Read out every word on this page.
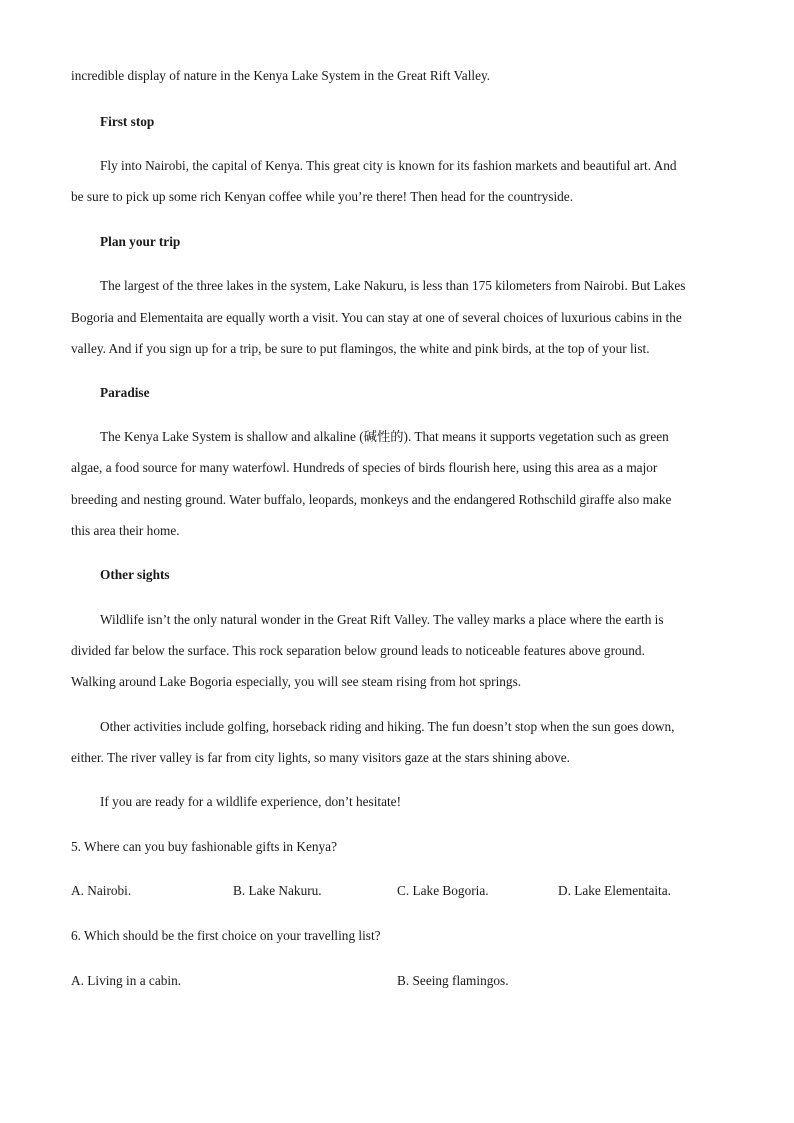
incredible display of nature in the Kenya Lake System in the Great Rift Valley.
First stop
Fly into Nairobi, the capital of Kenya. This great city is known for its fashion markets and beautiful art. And
be sure to pick up some rich Kenyan coffee while you’re there! Then head for the countryside.
Plan your trip
The largest of the three lakes in the system, Lake Nakuru, is less than 175 kilometers from Nairobi. But Lakes
Bogoria and Elementaita are equally worth a visit. You can stay at one of several choices of luxurious cabins in the
valley. And if you sign up for a trip, be sure to put flamingos, the white and pink birds, at the top of your list.
Paradise
The Kenya Lake System is shallow and alkaline (碱性的). That means it supports vegetation such as green
algae, a food source for many waterfowl. Hundreds of species of birds flourish here, using this area as a major
breeding and nesting ground. Water buffalo, leopards, monkeys and the endangered Rothschild giraffe also make
this area their home.
Other sights
Wildlife isn’t the only natural wonder in the Great Rift Valley. The valley marks a place where the earth is
divided far below the surface. This rock separation below ground leads to noticeable features above ground.
Walking around Lake Bogoria especially, you will see steam rising from hot springs.
Other activities include golfing, horseback riding and hiking. The fun doesn’t stop when the sun goes down,
either. The river valley is far from city lights, so many visitors gaze at the stars shining above.
If you are ready for a wildlife experience, don’t hesitate!
5. Where can you buy fashionable gifts in Kenya?
A. Nairobi.	B. Lake Nakuru.	C. Lake Bogoria.	D. Lake Elementaita.
6. Which should be the first choice on your travelling list?
A. Living in a cabin.	B. Seeing flamingos.
